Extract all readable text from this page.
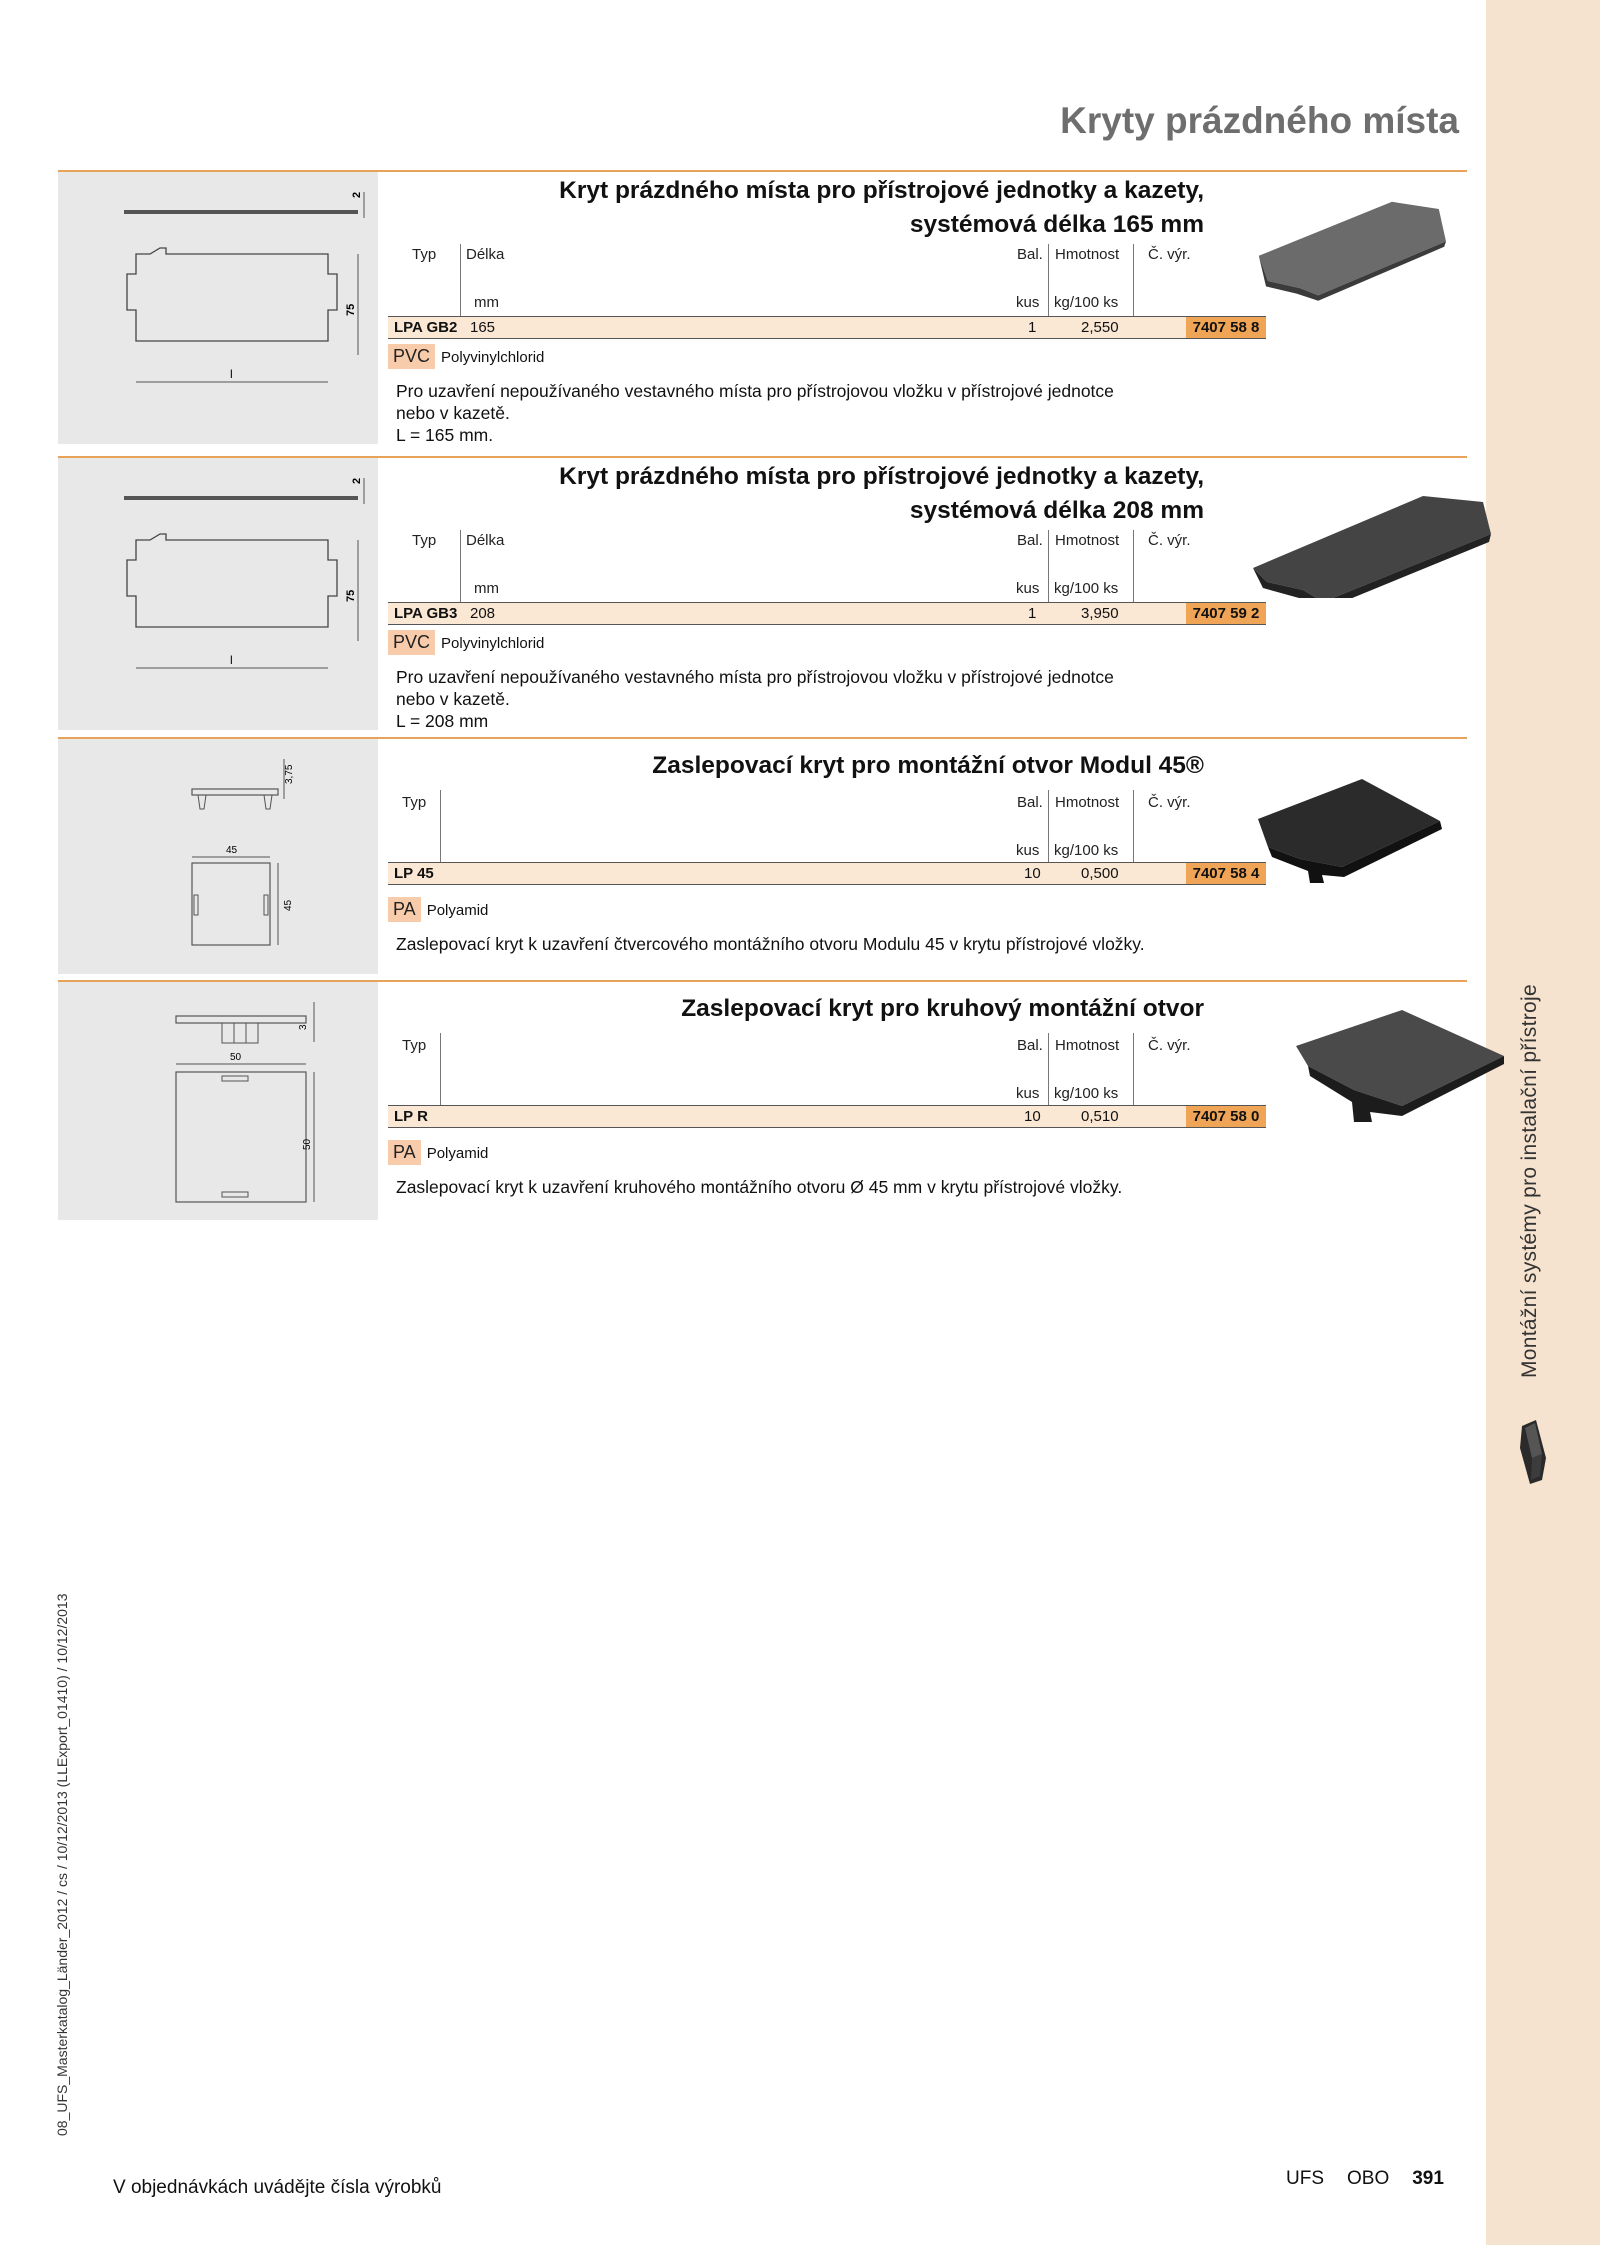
Montážní systémy pro instalační přístroje
Kryty prázdného místa
2
75
l
Kryt prázdného místa pro přístrojové jednotky a kazety,
systémová délka 165 mm
Typ Délka	Bal. Hmotnost Č. výr.
mm	kus kg/100 ks
LPA GB2 165	1	2,550	7407 58 8
PVC Polyvinylchlorid
Pro uzavření nepoužívaného vestavného místa pro přístrojovou vložku v přístrojové jednotce
nebo v kazetě.
L = 165 mm.
2
75
l
Kryt prázdného místa pro přístrojové jednotky a kazety,
systémová délka 208 mm
Typ Délka	Bal. Hmotnost Č. výr.
mm	kus kg/100 ks
LPA GB3 208	1	3,950	7407 59 2
PVC Polyvinylchlorid
Pro uzavření nepoužívaného vestavného místa pro přístrojovou vložku v přístrojové jednotce
nebo v kazetě.
L = 208 mm
3,75
45
45
Zaslepovací kryt pro montážní otvor Modul 45®
Typ	Bal. Hmotnost Č. výr.
kus kg/100 ks
LP 45	10	0,500	7407 58 4
PA Polyamid
Zaslepovací kryt k uzavření čtvercového montážního otvoru Modulu 45 v krytu přístrojové vložky.
3
50
50
Zaslepovací kryt pro kruhový montážní otvor
Typ	Bal. Hmotnost Č. výr.
kus kg/100 ks
LP R	10	0,510	7407 58 0
PA Polyamid
Zaslepovací kryt k uzavření kruhového montážního otvoru Ø 45 mm v krytu přístrojové vložky.
08_UFS_Masterkatalog_Länder_2012 / cs / 10/12/2013 (LLExport_01410) / 10/12/2013
V objednávkách uvádějte čísla výrobků	UFS OBO 391
